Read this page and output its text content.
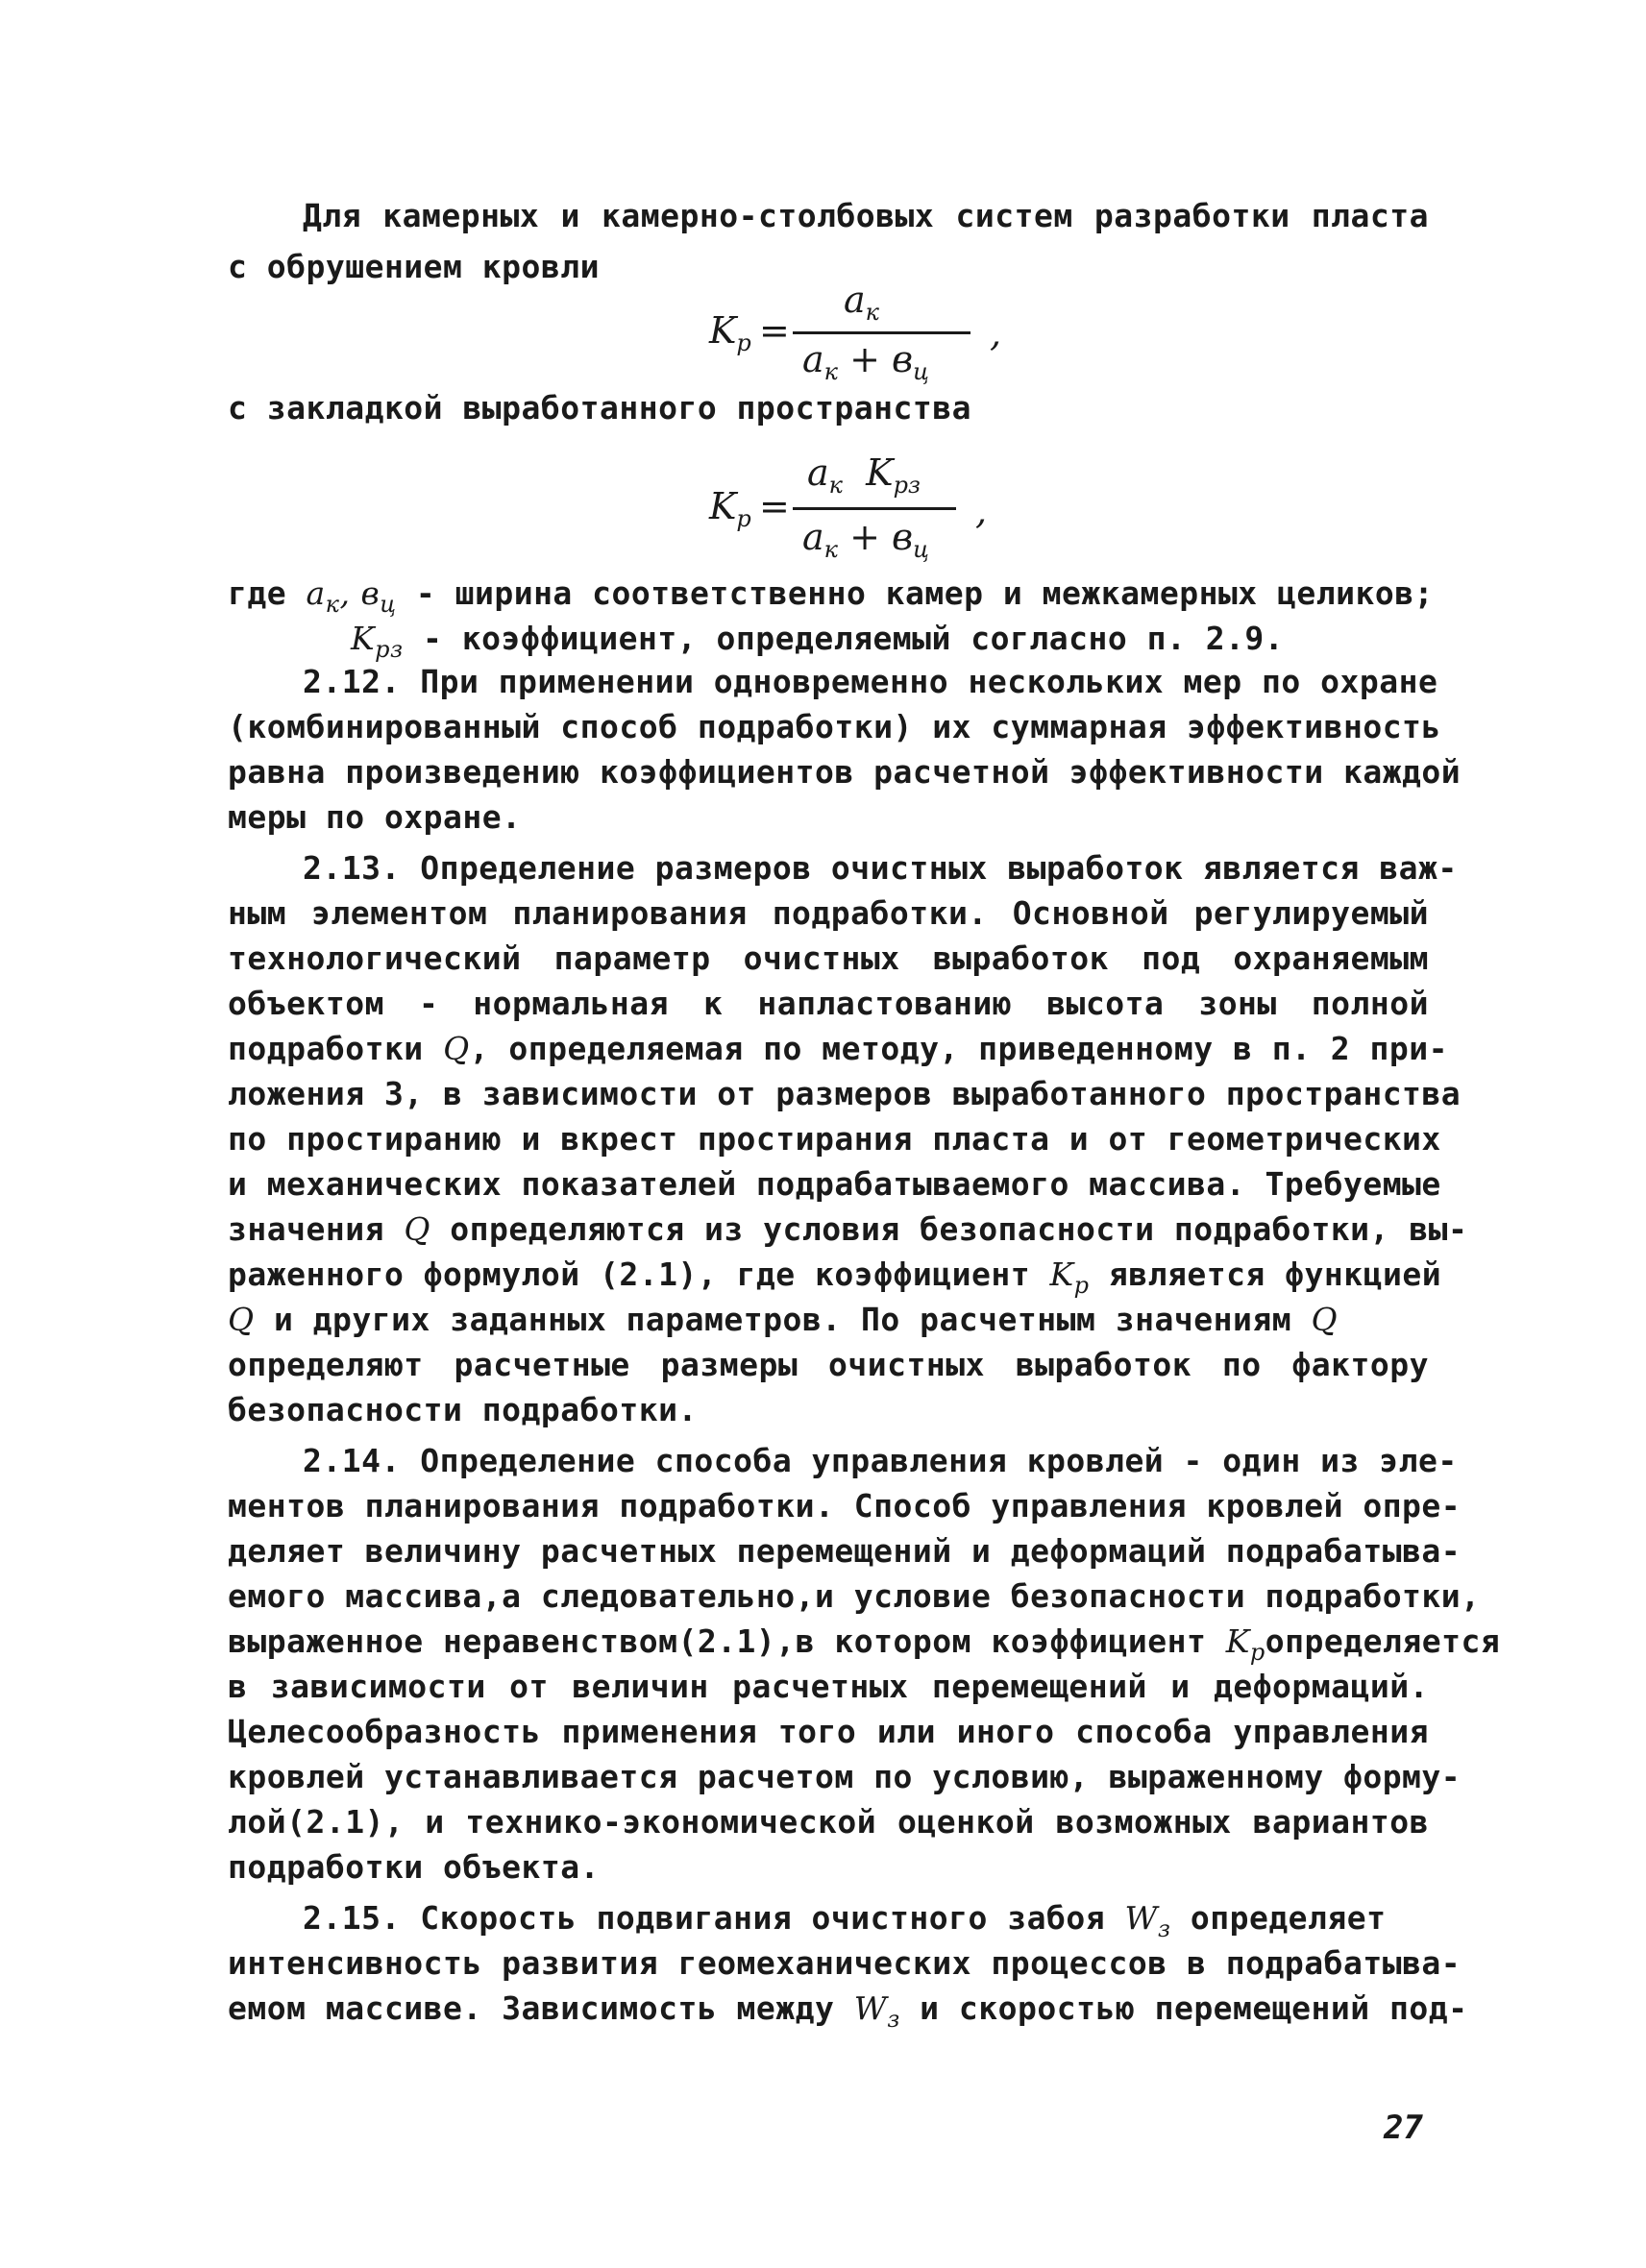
Для камерных и камерно-столбовых систем разработки пласта
с обрушением кровли
$K_р$ =
$a_к$
$a_к + в_ц$
,
с закладкой выработанного пространства
$K_р$ =
$a_к$ $K_{рз}$
$a_к + в_ц$
,
где $a_к$, $в_ц$ - ширина соответственно камер и межкамерных целиков;
$K_{рз}$ - коэффициент, определяемый согласно п. 2.9.
2.12. При применении одновременно нескольких мер по охране
(комбинированный способ подработки) их суммарная эффективность
равна произведению коэффициентов расчетной эффективности каждой
меры по охране.
2.13. Определение размеров очистных выработок является важ-
ным элементом планирования подработки. Основной регулируемый
технологический параметр очистных выработок под охраняемым
объектом - нормальная к напластованию высота зоны полной
подработки Q, определяемая по методу, приведенному в п. 2 при-
ложения 3, в зависимости от размеров выработанного пространства
по простиранию и вкрест простирания пласта и от геометрических
и механических показателей подрабатываемого массива. Требуемые
значения Q определяются из условия безопасности подработки, вы-
раженного формулой (2.1), где коэффициент $K_р$ является функцией
Q и других заданных параметров. По расчетным значениям Q
определяют расчетные размеры очистных выработок по фактору
безопасности подработки.
2.14. Определение способа управления кровлей - один из эле-
ментов планирования подработки. Способ управления кровлей опре-
деляет величину расчетных перемещений и деформаций подрабатыва-
емого массива,а следовательно,и условие безопасности подработки,
выраженное неравенством(2.1),в котором коэффициент $K_ропределяется$
в зависимости от величин расчетных перемещений и деформаций.
Целесообразность применения того или иного способа управления
кровлей устанавливается расчетом по условию, выраженному форму-
лой(2.1), и технико-экономической оценкой возможных вариантов
подработки объекта.
2.15. Скорость подвигания очистного забоя $W_з$ определяет
интенсивность развития геомеханических процессов в подрабатыва-
емом массиве. Зависимость между $W_з$ и скоростью перемещений под-
27
